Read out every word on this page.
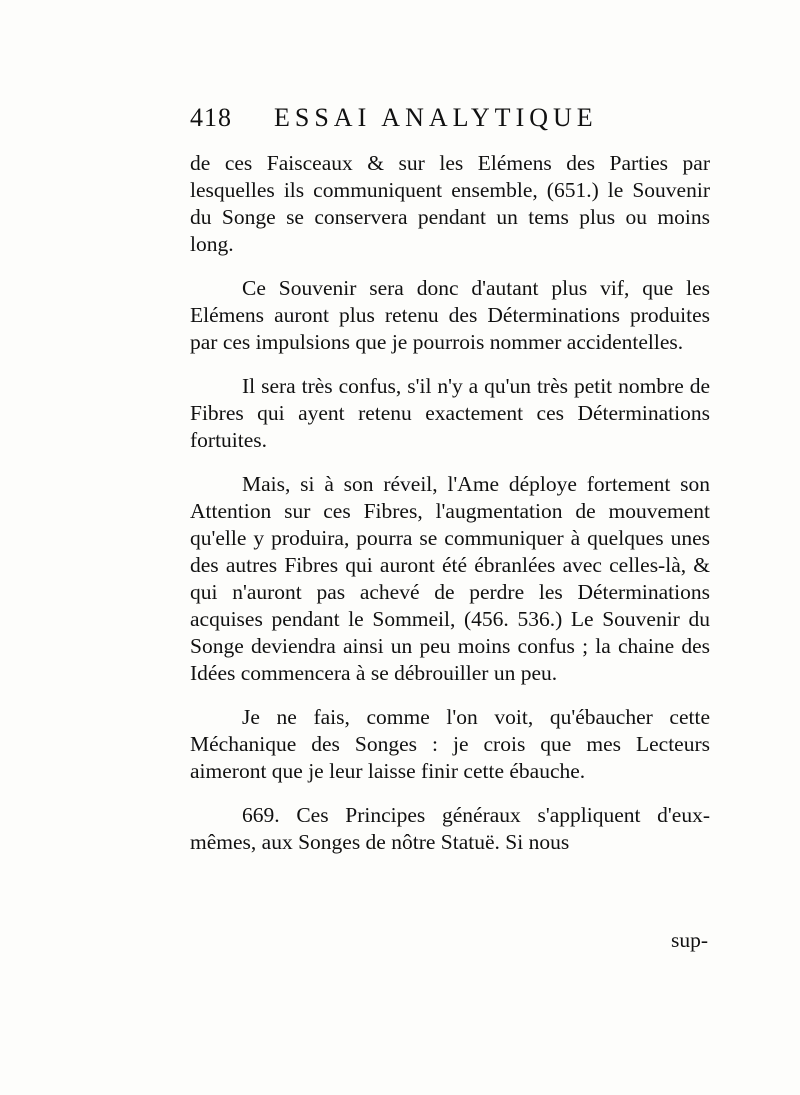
418 ESSAI ANALYTIQUE

de ces Faisceaux & sur les Elémens des Parties par lesquelles ils communiquent ensemble, (651.) le Souvenir du Songe se conservera pendant un tems plus ou moins long.

Ce Souvenir sera donc d'autant plus vif, que les Elémens auront plus retenu des Déterminations produites par ces impulsions que je pourrois nommer accidentelles.

Il sera très confus, s'il n'y a qu'un très petit nombre de Fibres qui ayent retenu exactement ces Déterminations fortuites.

Mais, si à son réveil, l'Ame déploye fortement son Attention sur ces Fibres, l'augmentation de mouvement qu'elle y produira, pourra se communiquer à quelques unes des autres Fibres qui auront été ébranlées avec celles-là, & qui n'auront pas achevé de perdre les Déterminations acquises pendant le Sommeil, (456. 536.) Le Souvenir du Songe deviendra ainsi un peu moins confus ; la chaine des Idées commencera à se débrouiller un peu.

Je ne fais, comme l'on voit, qu'ébaucher cette Méchanique des Songes : je crois que mes Lecteurs aimeront que je leur laisse finir cette ébauche.

669. Ces Principes généraux s'appliquent d'eux-mêmes, aux Songes de nôtre Statuë. Si nous

sup-
